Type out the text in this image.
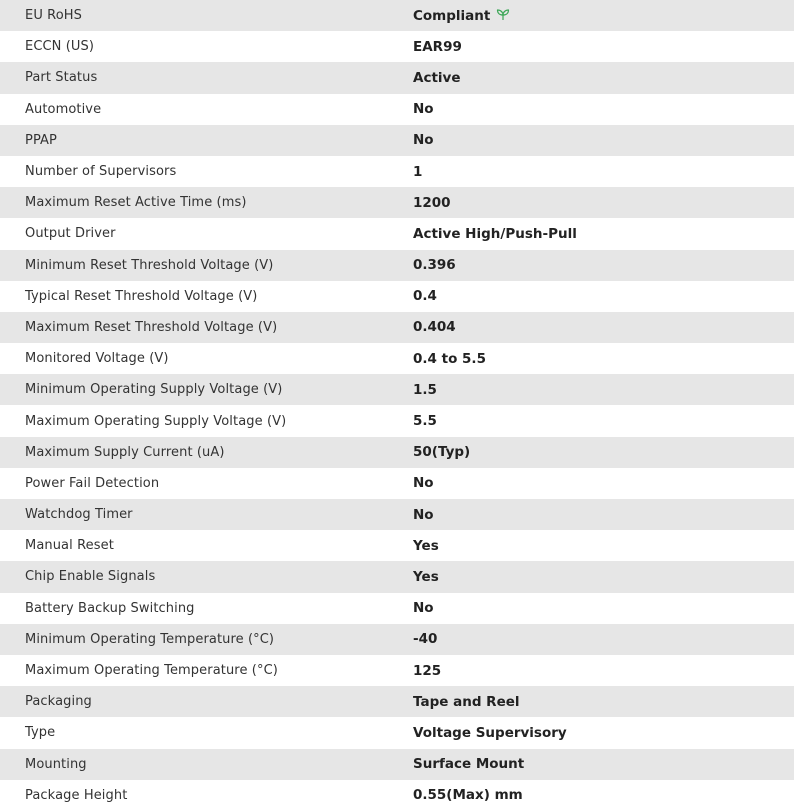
EU RoHS	Compliant
ECCN (US)	EAR99
Part Status	Active
Automotive	No
PPAP	No
Number of Supervisors	1
Maximum Reset Active Time (ms)	1200
Output Driver	Active High/Push-Pull
Minimum Reset Threshold Voltage (V)	0.396
Typical Reset Threshold Voltage (V)	0.4
Maximum Reset Threshold Voltage (V)	0.404
Monitored Voltage (V)	0.4 to 5.5
Minimum Operating Supply Voltage (V)	1.5
Maximum Operating Supply Voltage (V)	5.5
Maximum Supply Current (uA)	50(Typ)
Power Fail Detection	No
Watchdog Timer	No
Manual Reset	Yes
Chip Enable Signals	Yes
Battery Backup Switching	No
Minimum Operating Temperature (°C)	-40
Maximum Operating Temperature (°C)	125
Packaging	Tape and Reel
Type	Voltage Supervisory
Mounting	Surface Mount
Package Height	0.55(Max) mm
